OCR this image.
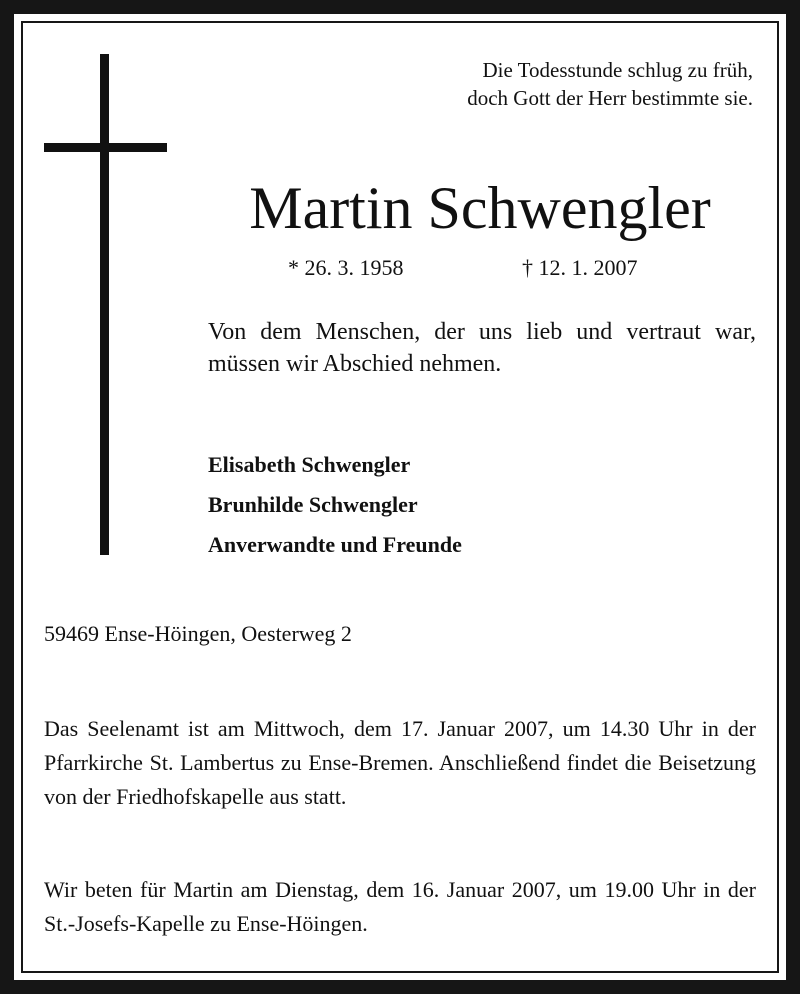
Die Todesstunde schlug zu früh,
doch Gott der Herr bestimmte sie.
Martin Schwengler
* 26. 3. 1958	† 12. 1. 2007
Von dem Menschen, der uns lieb und vertraut war, müssen wir Abschied nehmen.
Elisabeth Schwengler
Brunhilde Schwengler
Anverwandte und Freunde
59469 Ense-Höingen, Oesterweg 2
Das Seelenamt ist am Mittwoch, dem 17. Januar 2007, um 14.30 Uhr in der Pfarrkirche St. Lambertus zu Ense-Bremen. Anschließend findet die Beisetzung von der Friedhofskapelle aus statt.
Wir beten für Martin am Dienstag, dem 16. Januar 2007, um 19.00 Uhr in der St.-Josefs-Kapelle zu Ense-Höingen.
